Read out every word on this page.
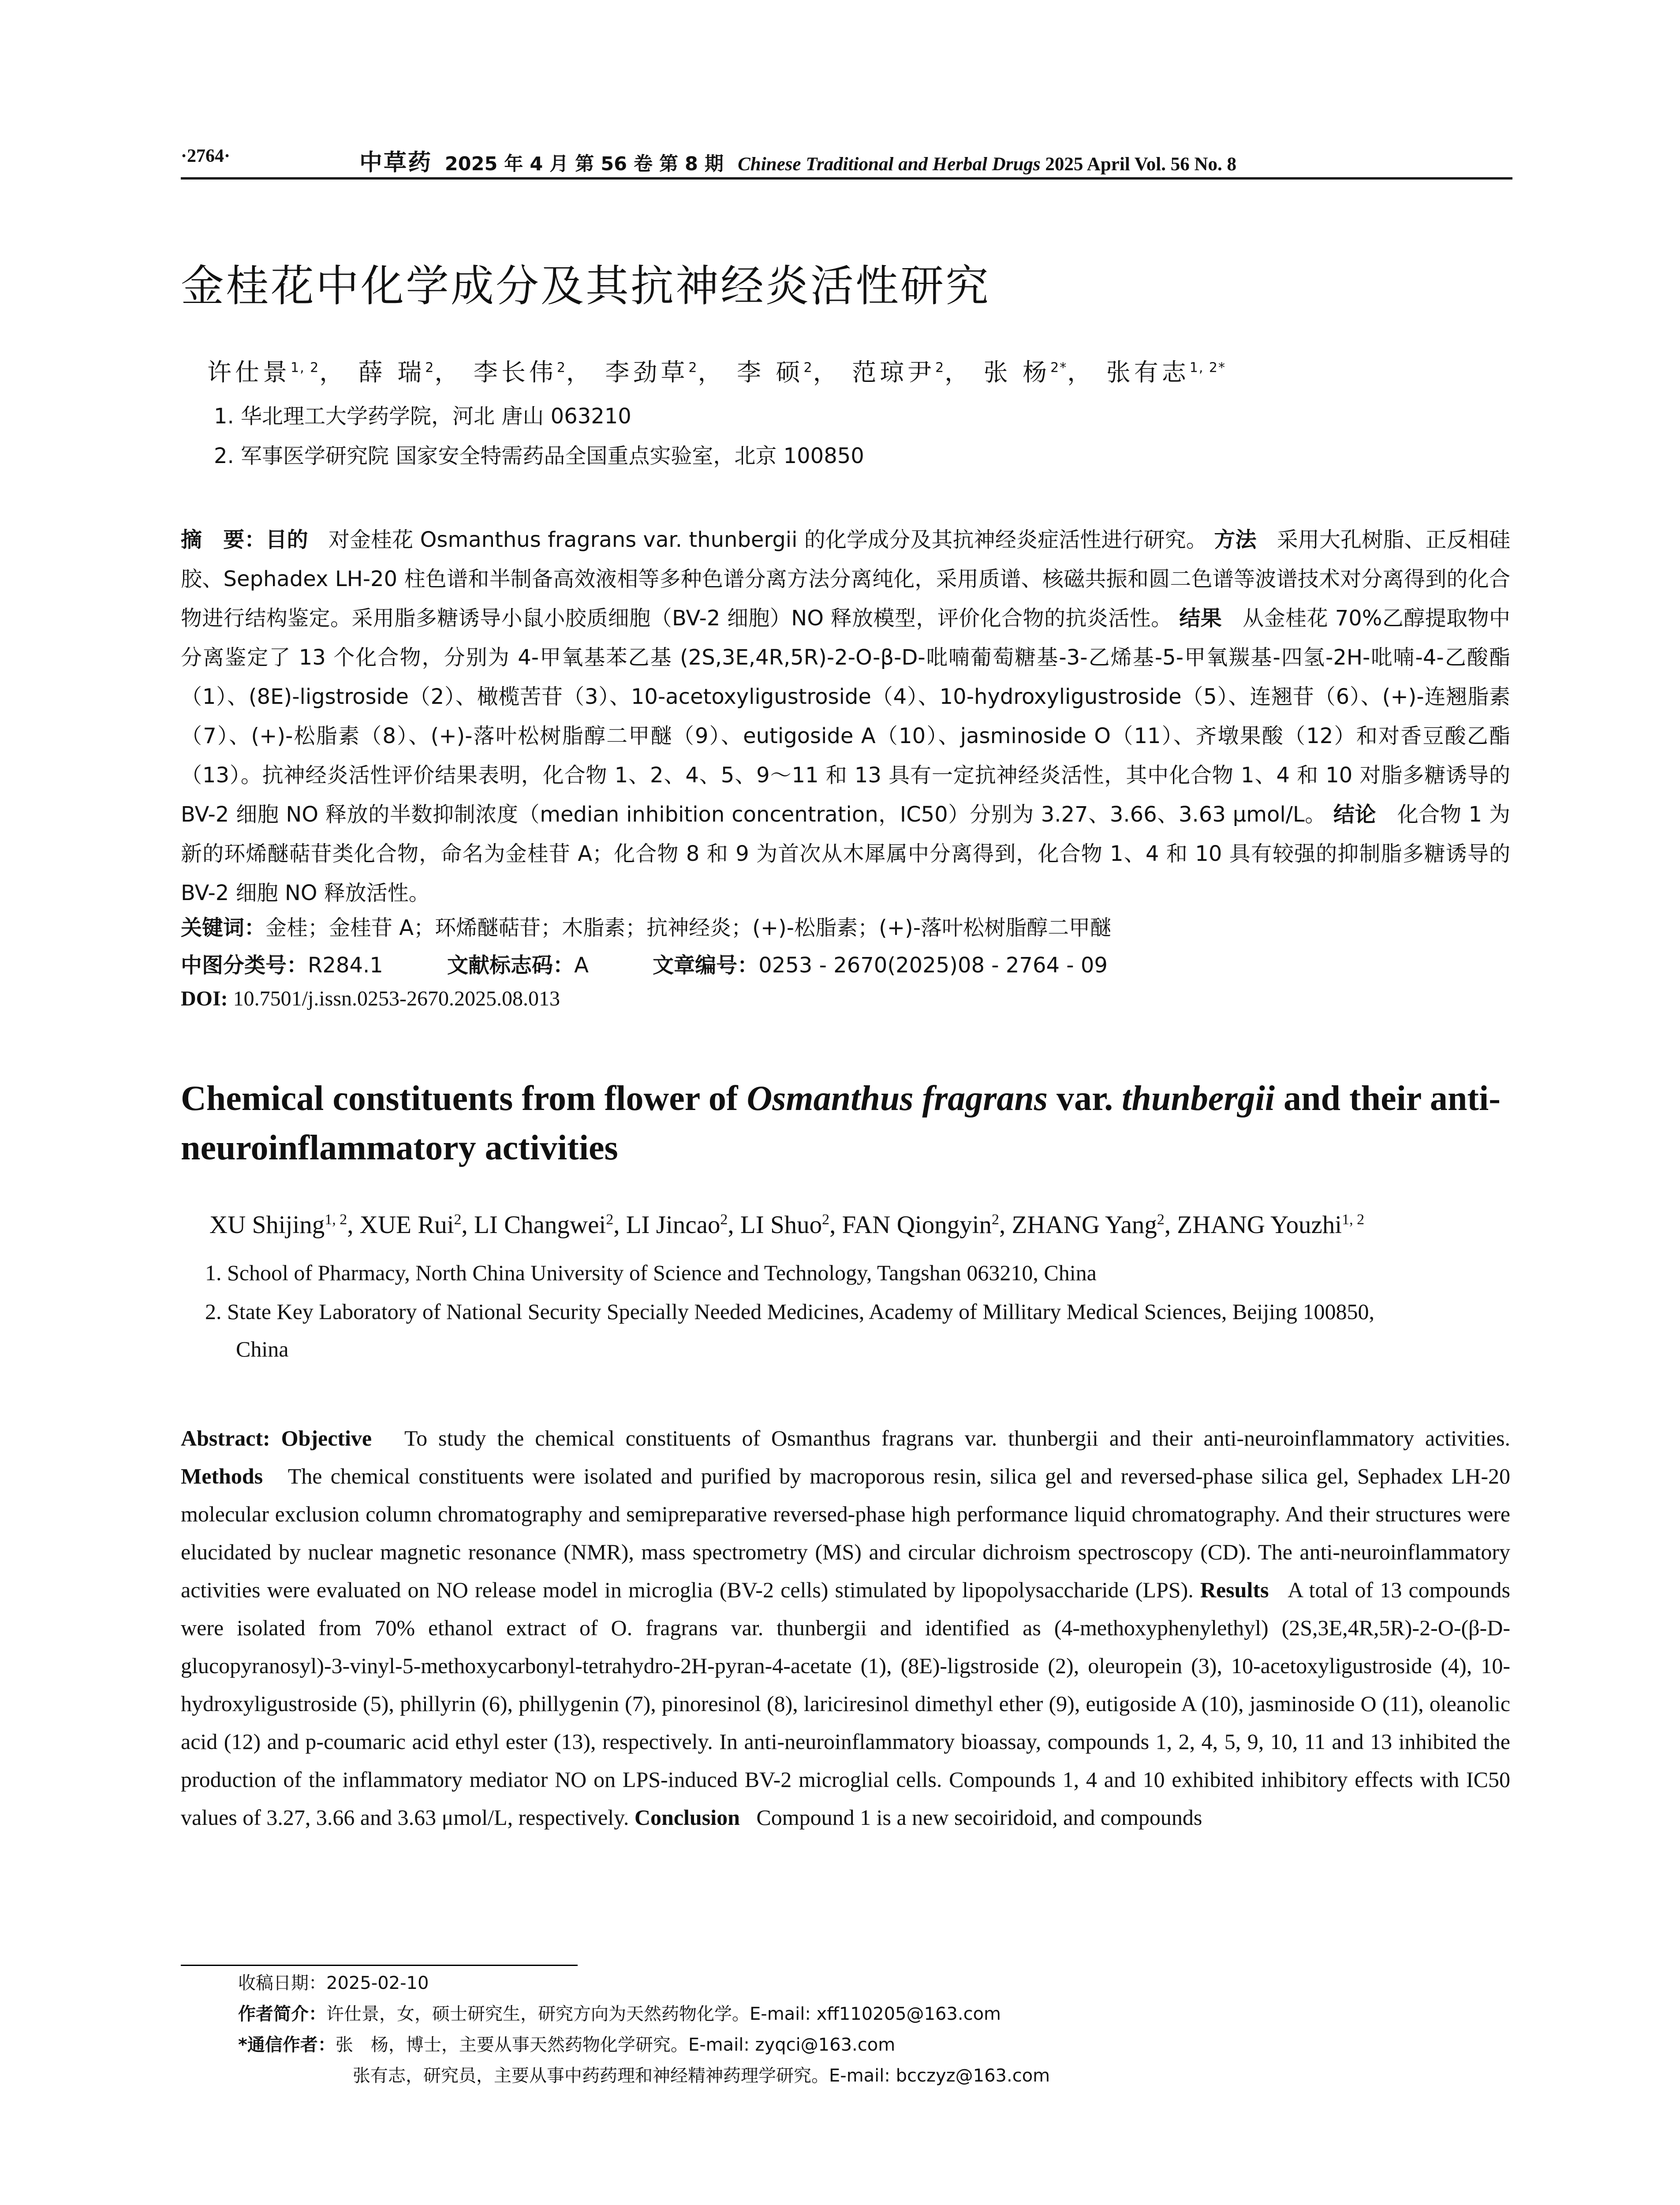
·2764·	中草药 2025 年 4 月 第 56 卷 第 8 期 Chinese Traditional and Herbal Drugs 2025 April Vol. 56 No. 8
金桂花中化学成分及其抗神经炎活性研究
许仕景$^{1, 2}$， 薛 瑞$^2$， 李长伟$^2$， 李劲草$^2$， 李 硕$^2$， 范琼尹$^2$， 张 杨$^{2*}$， 张有志$^{1, 2*}$
1. 华北理工大学药学院，河北 唐山 063210
2. 军事医学研究院 国家安全特需药品全国重点实验室，北京 100850
摘　要：目的 对金桂花 Osmanthus fragrans var. thunbergii 的化学成分及其抗神经炎症活性进行研究。 方法 采用大孔树脂、正反相硅胶、Sephadex LH-20 柱色谱和半制备高效液相等多种色谱分离方法分离纯化，采用质谱、核磁共振和圆二色谱等波谱技术对分离得到的化合物进行结构鉴定。采用脂多糖诱导小鼠小胶质细胞（BV-2 细胞）NO 释放模型，评价化合物的抗炎活性。 结果 从金桂花 70%乙醇提取物中分离鉴定了 13 个化合物，分别为 4-甲氧基苯乙基 (2S,3E,4R,5R)-2-O-β-D-吡喃葡萄糖基-3-乙烯基-5-甲氧羰基-四氢-2H-吡喃-4-乙酸酯（1）、(8E)-ligstroside（2）、橄榄苦苷（3）、10-acetoxyligustroside（4）、10-hydroxyligustroside（5）、连翘苷（6）、(+)-连翘脂素（7）、(+)-松脂素（8）、(+)-落叶松树脂醇二甲醚（9）、eutigoside A（10）、jasminoside O（11）、齐墩果酸（12）和对香豆酸乙酯（13）。抗神经炎活性评价结果表明，化合物 1、2、4、5、9～11 和 13 具有一定抗神经炎活性，其中化合物 1、4 和 10 对脂多糖诱导的 BV-2 细胞 NO 释放的半数抑制浓度（median inhibition concentration，IC50）分别为 3.27、3.66、3.63 μmol/L。 结论 化合物 1 为新的环烯醚萜苷类化合物，命名为金桂苷 A；化合物 8 和 9 为首次从木犀属中分离得到，化合物 1、4 和 10 具有较强的抑制脂多糖诱导的 BV-2 细胞 NO 释放活性。
关键词：金桂；金桂苷 A；环烯醚萜苷；木脂素；抗神经炎；(+)-松脂素；(+)-落叶松树脂醇二甲醚
中图分类号：R284.1	文献标志码：A	文章编号：0253 - 2670(2025)08 - 2764 - 09
DOI: 10.7501/j.issn.0253-2670.2025.08.013
Chemical constituents from flower of Osmanthus fragrans var. thunbergii and their anti-neuroinflammatory activities
XU Shijing$^{1, 2}$, XUE Rui$^2$, LI Changwei$^2$, LI Jincao$^2$, LI Shuo$^2$, FAN Qiongyin$^2$, ZHANG Yang$^2$, ZHANG Youzhi$^{1, 2}$
1. School of Pharmacy, North China University of Science and Technology, Tangshan 063210, China
2. State Key Laboratory of National Security Specially Needed Medicines, Academy of Millitary Medical Sciences, Beijing 100850,
China
Abstract: Objective To study the chemical constituents of Osmanthus fragrans var. thunbergii and their anti-neuroinflammatory activities. Methods The chemical constituents were isolated and purified by macroporous resin, silica gel and reversed-phase silica gel, Sephadex LH-20 molecular exclusion column chromatography and semipreparative reversed-phase high performance liquid chromatography. And their structures were elucidated by nuclear magnetic resonance (NMR), mass spectrometry (MS) and circular dichroism spectroscopy (CD). The anti-neuroinflammatory activities were evaluated on NO release model in microglia (BV-2 cells) stimulated by lipopolysaccharide (LPS). Results A total of 13 compounds were isolated from 70% ethanol extract of O. fragrans var. thunbergii and identified as (4-methoxyphenylethyl) (2S,3E,4R,5R)-2-O-(β-D-glucopyranosyl)-3-vinyl-5-methoxycarbonyl-tetrahydro-2H-pyran-4-acetate (1), (8E)-ligstroside (2), oleuropein (3), 10-acetoxyligustroside (4), 10-hydroxyligustroside (5), phillyrin (6), phillygenin (7), pinoresinol (8), lariciresinol dimethyl ether (9), eutigoside A (10), jasminoside O (11), oleanolic acid (12) and p-coumaric acid ethyl ester (13), respectively. In anti-neuroinflammatory bioassay, compounds 1, 2, 4, 5, 9, 10, 11 and 13 inhibited the production of the inflammatory mediator NO on LPS-induced BV-2 microglial cells. Compounds 1, 4 and 10 exhibited inhibitory effects with IC50 values of 3.27, 3.66 and 3.63 μmol/L, respectively. Conclusion Compound 1 is a new secoiridoid, and compounds
收稿日期：2025-02-10
作者简介：许仕景，女，硕士研究生，研究方向为天然药物化学。E-mail: xff110205@163.com
*通信作者：张　杨，博士，主要从事天然药物化学研究。E-mail: zyqci@163.com
张有志，研究员，主要从事中药药理和神经精神药理学研究。E-mail: bcczyz@163.com
